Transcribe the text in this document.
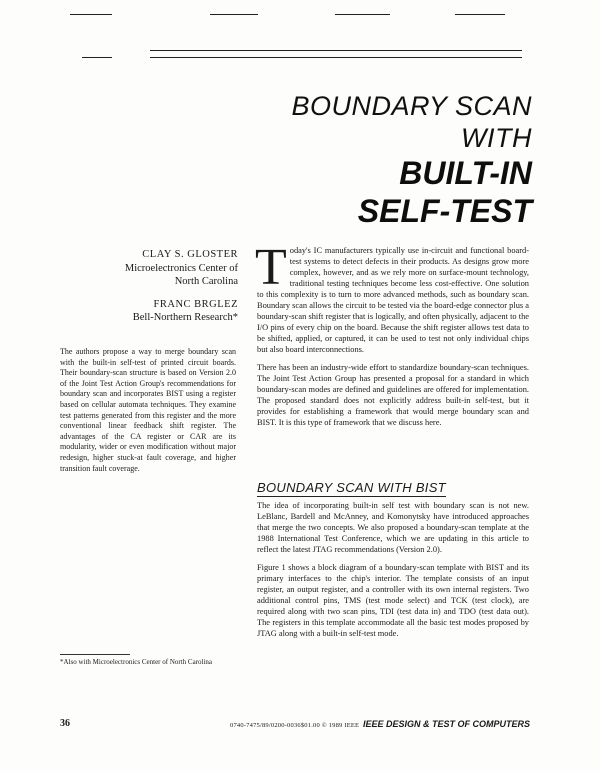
BOUNDARY SCAN
WITH
BUILT-IN
SELF-TEST
CLAY S. GLOSTER
Microelectronics Center of
North Carolina
FRANC BRGLEZ
Bell-Northern Research*
The authors propose a way to merge boundary scan with the built-in self-test of printed circuit boards. Their boundary-scan structure is based on Version 2.0 of the Joint Test Action Group's recommendations for boundary scan and incorporates BIST using a register based on cellular automata techniques. They examine test patterns generated from this register and the more conventional linear feedback shift register. The advantages of the CA register or CAR are its modularity, wider or even modification without major redesign, higher stuck-at fault coverage, and higher transition fault coverage.

Today's IC manufacturers typically use in-circuit and functional board-test systems to detect defects in their products. As designs grow more complex, however, and as we rely more on surface-mount technology, traditional testing techniques become less cost-effective. One solution to this complexity is to turn to more advanced methods, such as boundary scan. Boundary scan allows the circuit to be tested via the board-edge connector plus a boundary-scan shift register that is logically, and often physically, adjacent to the I/O pins of every chip on the board. Because the shift register allows test data to be shifted, applied, or captured, it can be used to test not only individual chips but also board interconnections.

There has been an industry-wide effort to standardize boundary-scan techniques. The Joint Test Action Group has presented a proposal for a standard in which boundary-scan modes are defined and guidelines are offered for implementation. The proposed standard does not explicitly address built-in self-test, but it provides for establishing a framework that would merge boundary scan and BIST. It is this type of framework that we discuss here.

BOUNDARY SCAN WITH BIST

The idea of incorporating built-in self test with boundary scan is not new. LeBlanc, Bardell and McAnney, and Komonytsky have introduced approaches that merge the two concepts. We also proposed a boundary-scan template at the 1988 International Test Conference, which we are updating in this article to reflect the latest JTAG recommendations (Version 2.0).

Figure 1 shows a block diagram of a boundary-scan template with BIST and its primary interfaces to the chip's interior. The template consists of an input register, an output register, and a controller with its own internal registers. Two additional control pins, TMS (test mode select) and TCK (test clock), are required along with two scan pins, TDI (test data in) and TDO (test data out). The registers in this template accommodate all the basic test modes proposed by JTAG along with a built-in self-test mode.

*Also with Microelectronics Center of North Carolina
36	0740-7475/89/0200-0036$01.00 © 1989 IEEE IEEE DESIGN & TEST OF COMPUTERS
